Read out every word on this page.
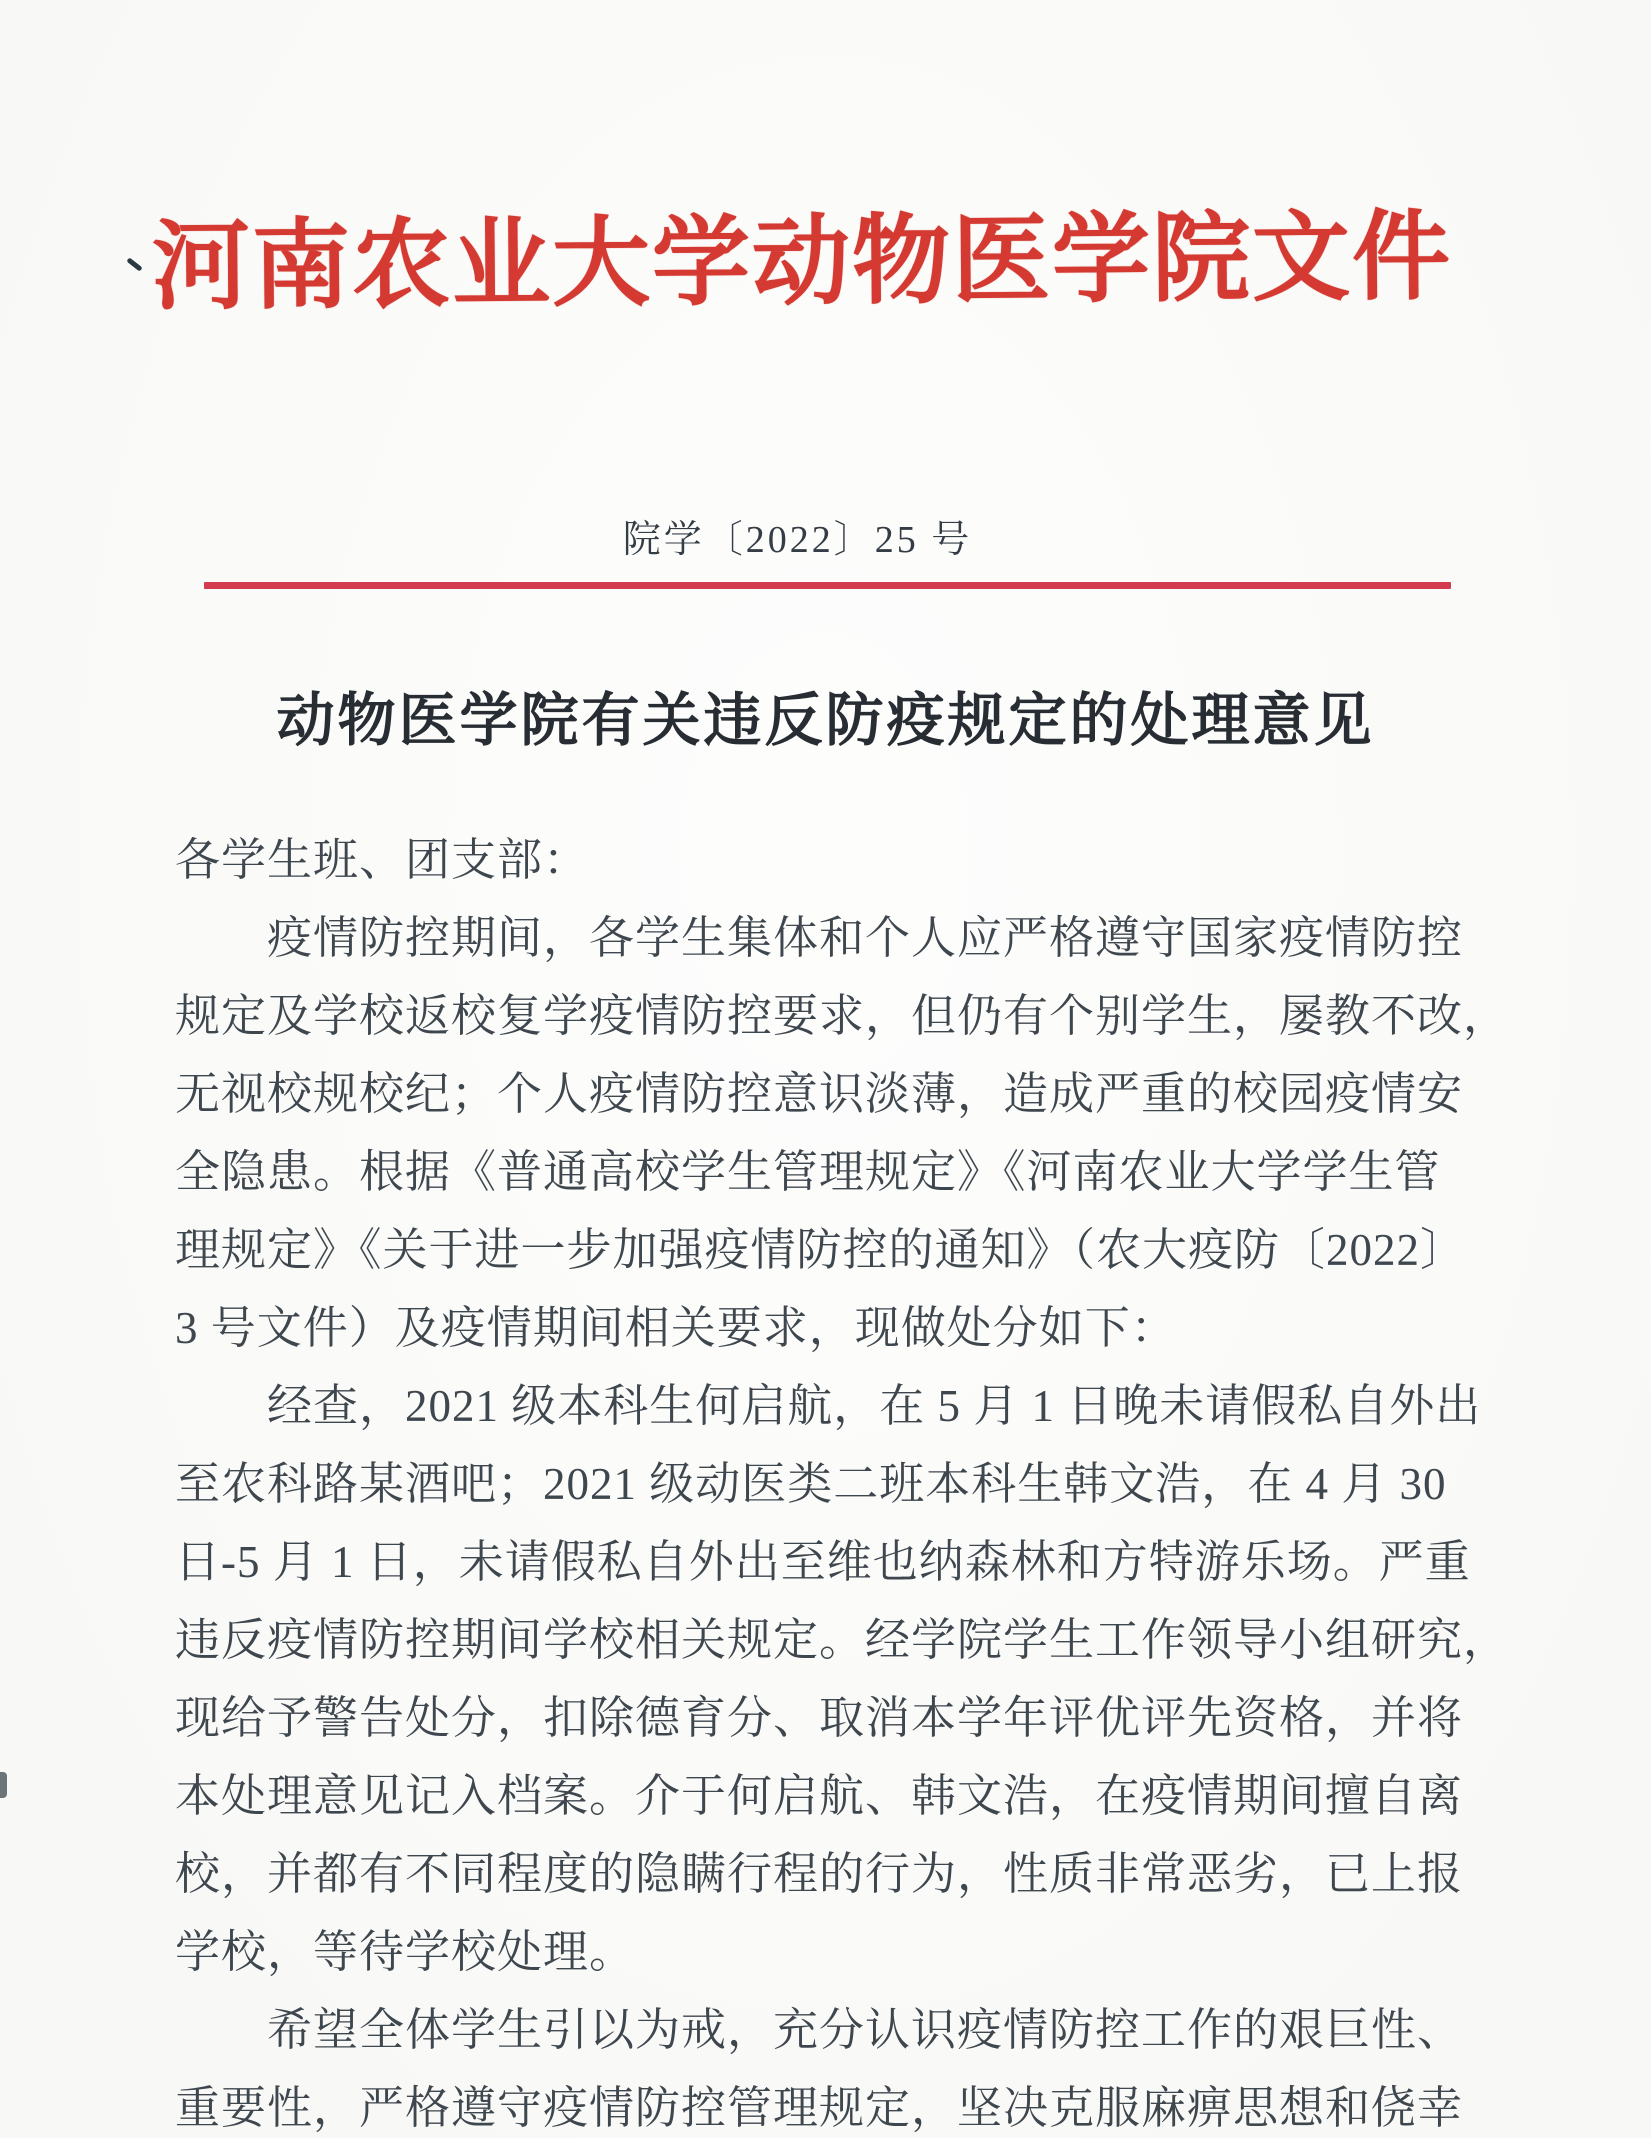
河南农业大学动物医学院文件
院学〔2022〕25 号
动物医学院有关违反防疫规定的处理意见

各学生班、团支部：

疫情防控期间，各学生集体和个人应严格遵守国家疫情防控

规定及学校返校复学疫情防控要求，但仍有个别学生，屡教不改，

无视校规校纪；个人疫情防控意识淡薄，造成严重的校园疫情安

全隐患。根据《普通高校学生管理规定》《河南农业大学学生管

理规定》《关于进一步加强疫情防控的通知》（农大疫防〔2022〕

3 号文件）及疫情期间相关要求，现做处分如下：

经查，2021 级本科生何启航，在 5 月 1 日晚未请假私自外出

至农科路某酒吧；2021 级动医类二班本科生韩文浩，在 4 月 30

日-5 月 1 日，未请假私自外出至维也纳森林和方特游乐场。严重

违反疫情防控期间学校相关规定。经学院学生工作领导小组研究，

现给予警告处分，扣除德育分、取消本学年评优评先资格，并将

本处理意见记入档案。介于何启航、韩文浩，在疫情期间擅自离

校，并都有不同程度的隐瞒行程的行为，性质非常恶劣，已上报

学校，等待学校处理。

希望全体学生引以为戒，充分认识疫情防控工作的艰巨性、

重要性，严格遵守疫情防控管理规定，坚决克服麻痹思想和侥幸
